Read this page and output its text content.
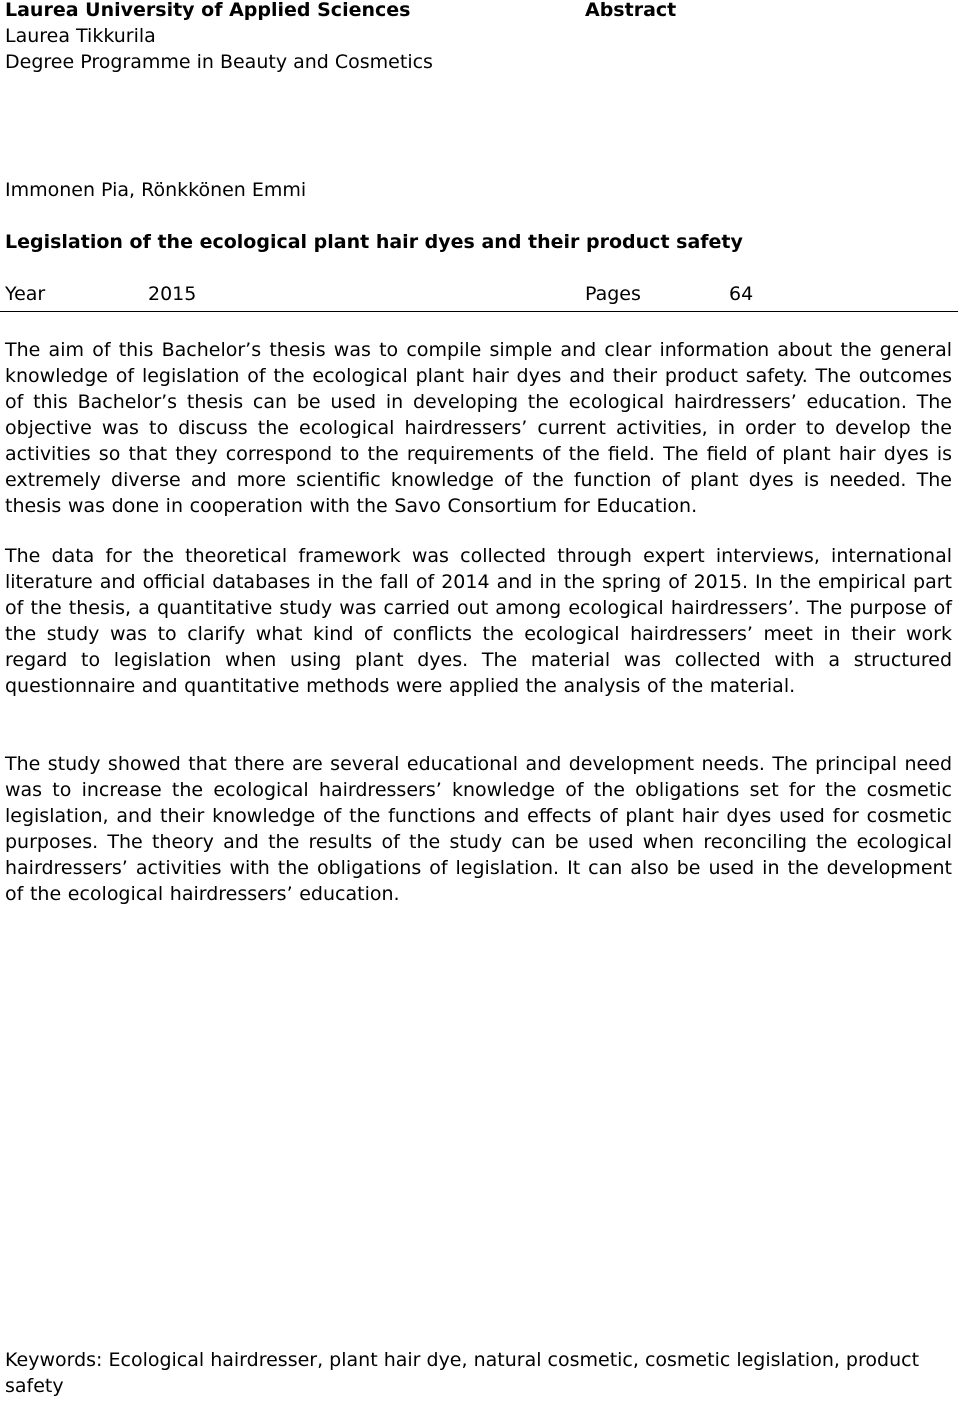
Laurea University of Applied Sciences
Laurea Tikkurila
Degree Programme in Beauty and Cosmetics
Abstract
Immonen Pia, Rönkkönen Emmi
Legislation of the ecological plant hair dyes and their product safety
Year	2015	Pages	64

The aim of this Bachelor’s thesis was to compile simple and clear information about the general knowledge of legislation of the ecological plant hair dyes and their product safety. The outcomes of this Bachelor’s thesis can be used in developing the ecological hairdressers’ education. The objective was to discuss the ecological hairdressers’ current activities, in order to develop the activities so that they correspond to the requirements of the field. The field of plant hair dyes is extremely diverse and more scientific knowledge of the function of plant dyes is needed. The thesis was done in cooperation with the Savo Consortium for Education.

The data for the theoretical framework was collected through expert interviews, international literature and official databases in the fall of 2014 and in the spring of 2015. In the empirical part of the thesis, a quantitative study was carried out among ecological hairdressers’. The purpose of the study was to clarify what kind of conflicts the ecological hairdressers’ meet in their work regard to legislation when using plant dyes. The material was collected with a structured questionnaire and quantitative methods were applied the analysis of the material.

The study showed that there are several educational and development needs. The principal need was to increase the ecological hairdressers’ knowledge of the obligations set for the cosmetic legislation, and their knowledge of the functions and effects of plant hair dyes used for cosmetic purposes. The theory and the results of the study can be used when reconciling the ecological hairdressers’ activities with the obligations of legislation. It can also be used in the development of the ecological hairdressers’ education.

Keywords: Ecological hairdresser, plant hair dye, natural cosmetic, cosmetic legislation, product safety
